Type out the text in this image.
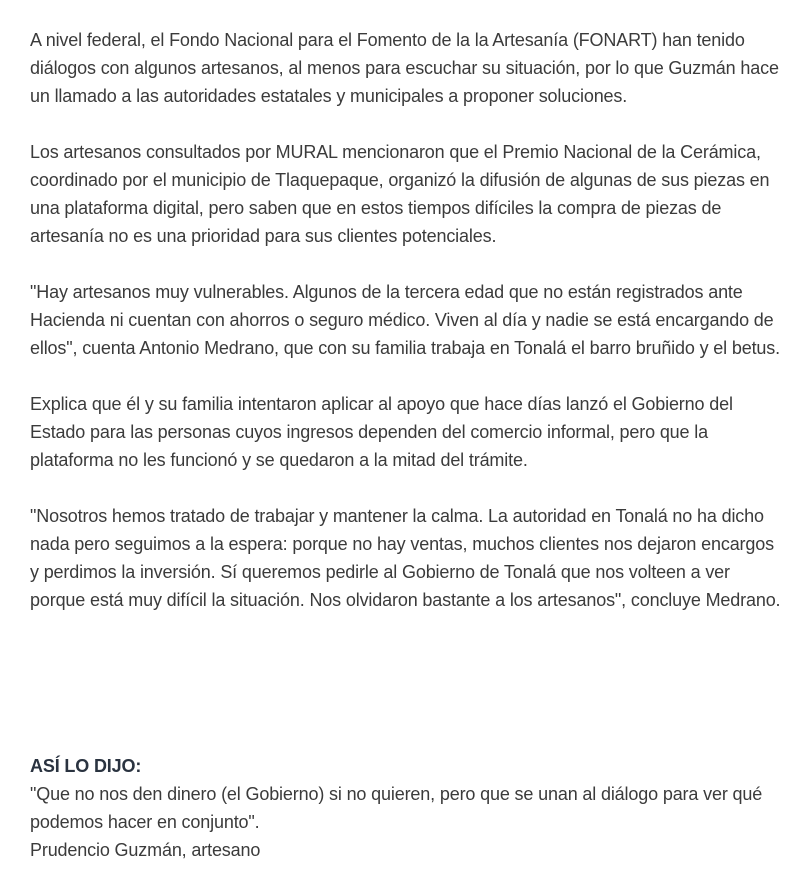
A nivel federal, el Fondo Nacional para el Fomento de la la Artesanía (FONART) han tenido diálogos con algunos artesanos, al menos para escuchar su situación, por lo que Guzmán hace un llamado a las autoridades estatales y municipales a proponer soluciones.

Los artesanos consultados por MURAL mencionaron que el Premio Nacional de la Cerámica, coordinado por el municipio de Tlaquepaque, organizó la difusión de algunas de sus piezas en una plataforma digital, pero saben que en estos tiempos difíciles la compra de piezas de artesanía no es una prioridad para sus clientes potenciales.

"Hay artesanos muy vulnerables. Algunos de la tercera edad que no están registrados ante Hacienda ni cuentan con ahorros o seguro médico. Viven al día y nadie se está encargando de ellos", cuenta Antonio Medrano, que con su familia trabaja en Tonalá el barro bruñido y el betus.

Explica que él y su familia intentaron aplicar al apoyo que hace días lanzó el Gobierno del Estado para las personas cuyos ingresos dependen del comercio informal, pero que la plataforma no les funcionó y se quedaron a la mitad del trámite.

"Nosotros hemos tratado de trabajar y mantener la calma. La autoridad en Tonalá no ha dicho nada pero seguimos a la espera: porque no hay ventas, muchos clientes nos dejaron encargos y perdimos la inversión. Sí queremos pedirle al Gobierno de Tonalá que nos volteen a ver porque está muy difícil la situación. Nos olvidaron bastante a los artesanos", concluye Medrano.

ASÍ LO DIJO:

"Que no nos den dinero (el Gobierno) si no quieren, pero que se unan al diálogo para ver qué podemos hacer en conjunto".

Prudencio Guzmán, artesano
